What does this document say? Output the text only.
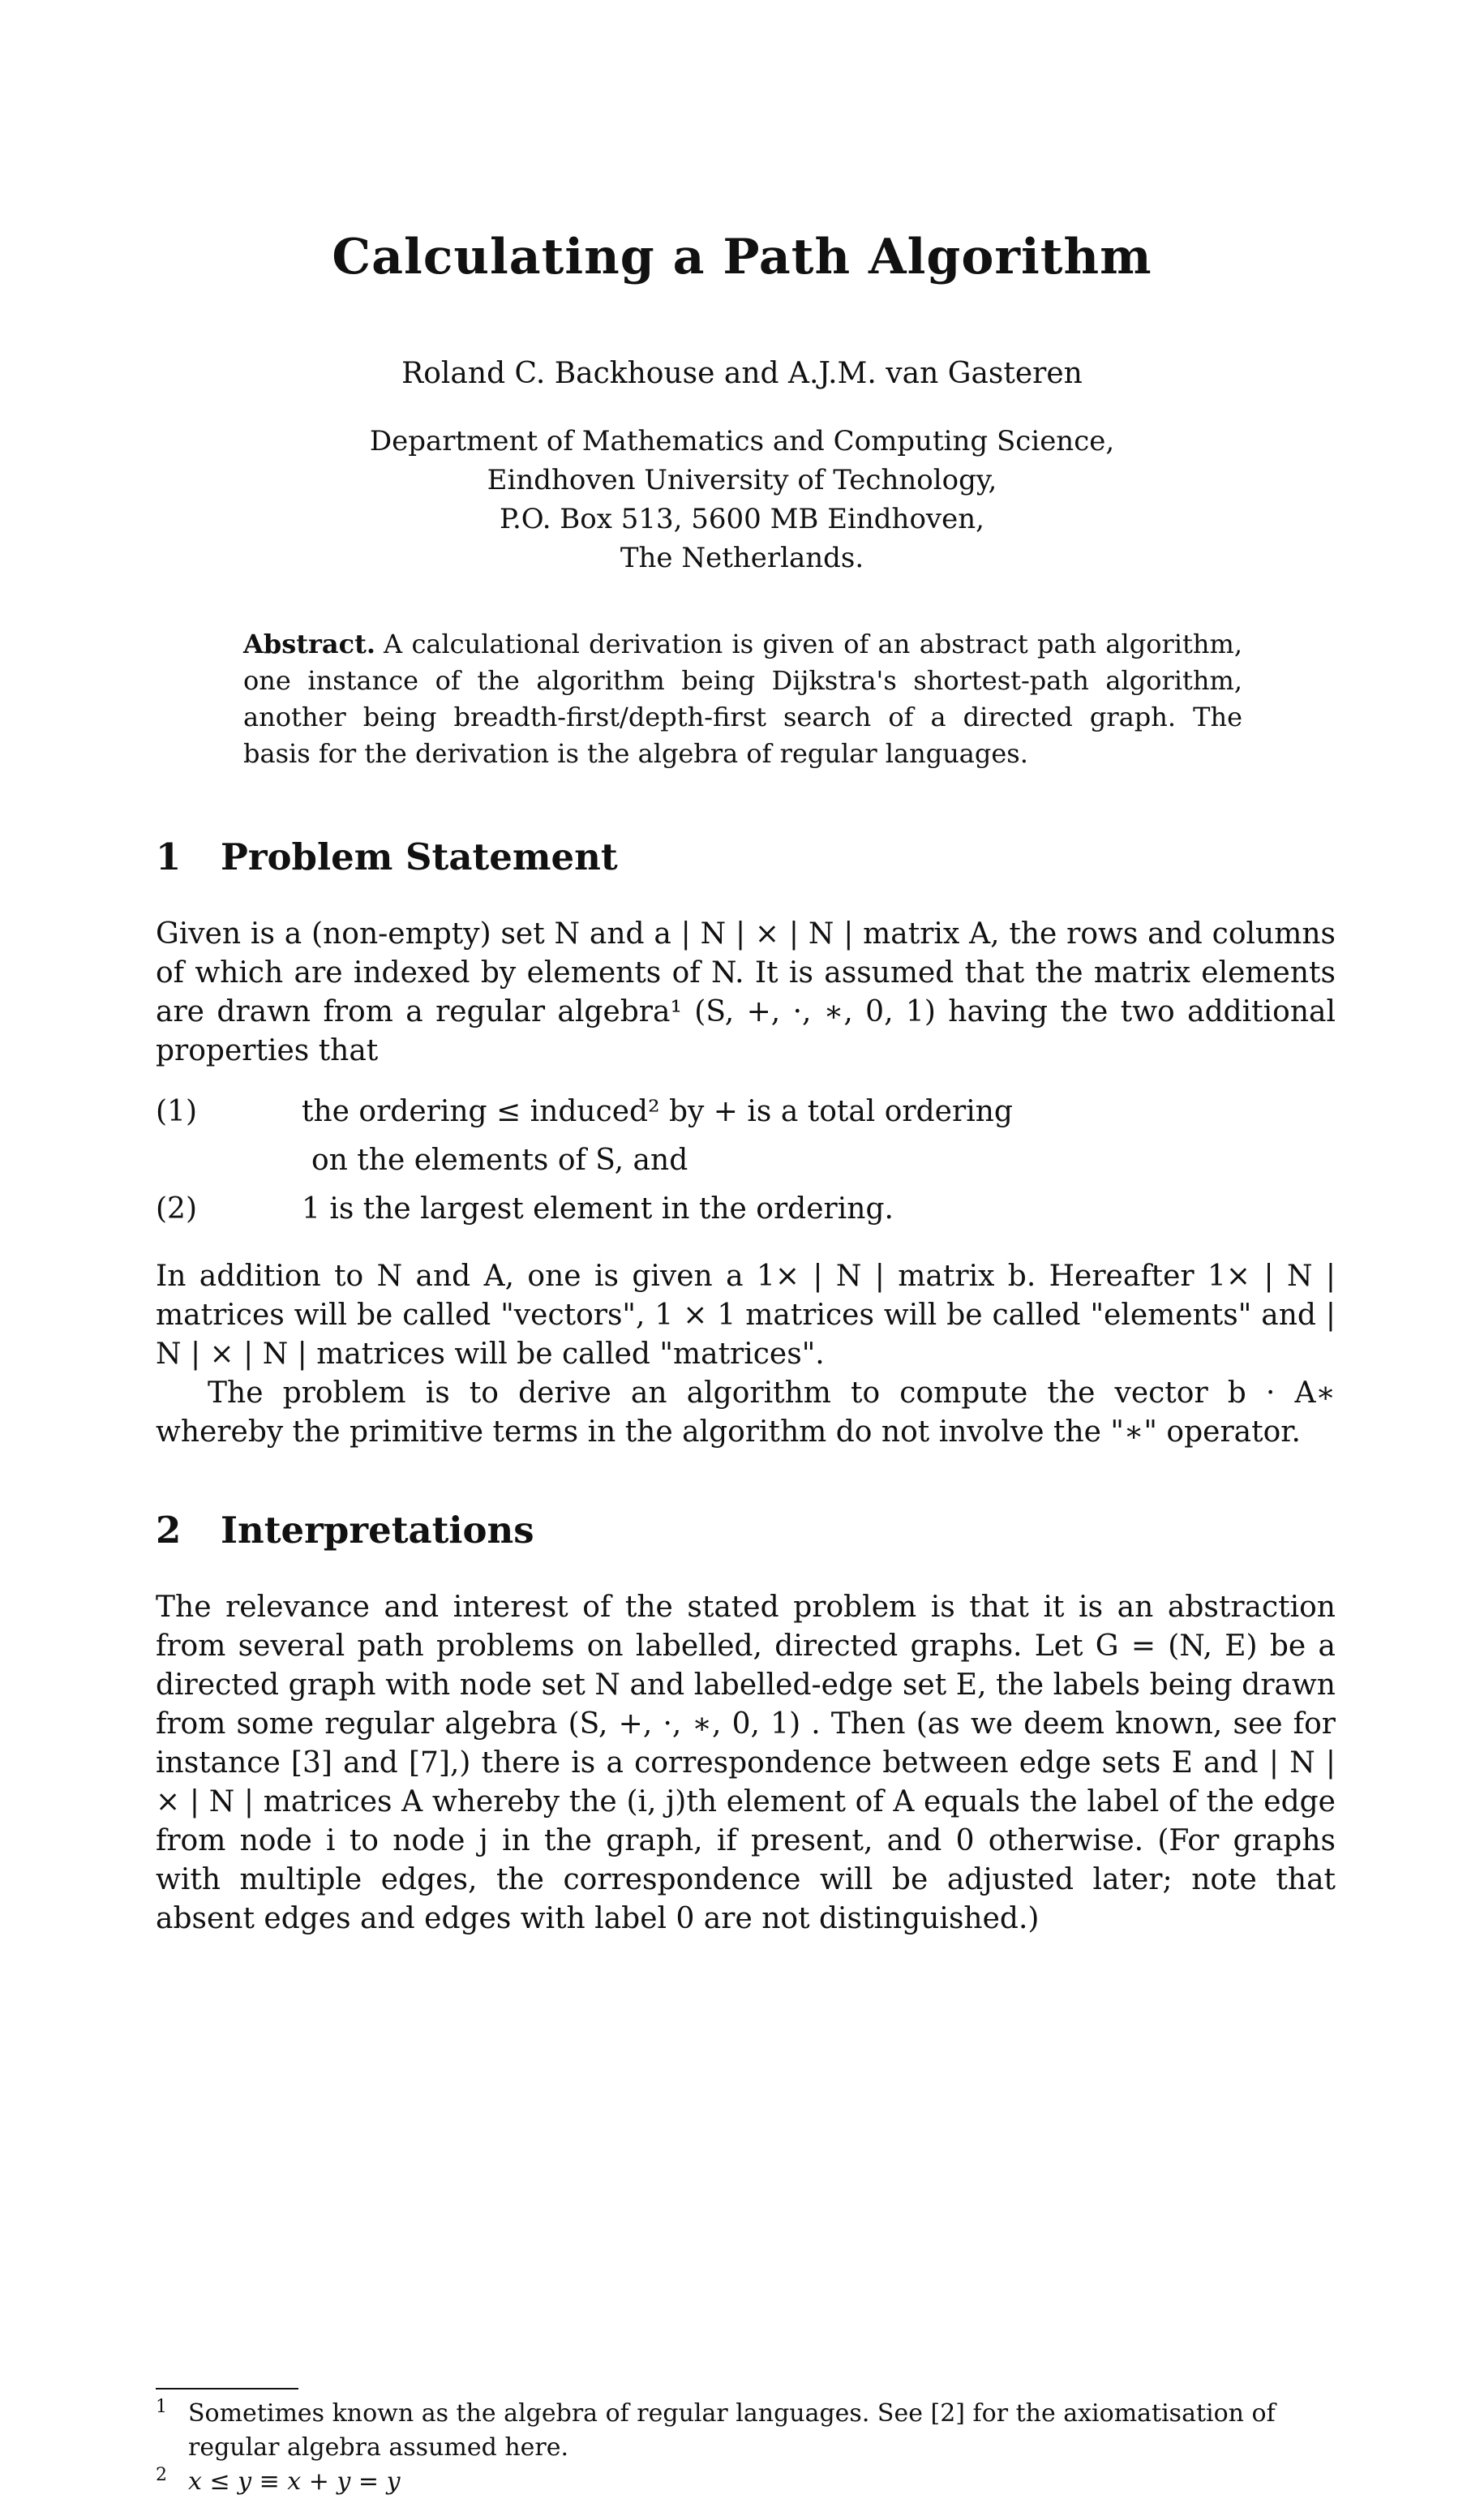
Calculating a Path Algorithm
Roland C. Backhouse and A.J.M. van Gasteren
Department of Mathematics and Computing Science,
Eindhoven University of Technology,
P.O. Box 513, 5600 MB Eindhoven,
The Netherlands.
Abstract. A calculational derivation is given of an abstract path algorithm, one instance of the algorithm being Dijkstra's shortest-path algorithm, another being breadth-first/depth-first search of a directed graph. The basis for the derivation is the algebra of regular languages.
1 Problem Statement
Given is a (non-empty) set N and a | N | × | N | matrix A, the rows and columns of which are indexed by elements of N. It is assumed that the matrix elements are drawn from a regular algebra¹ (S, +, ·, ∗, 0, 1) having the two additional properties that
(1)	the ordering ≤ induced² by + is a total ordering
on the elements of S, and
(2)	1 is the largest element in the ordering.

In addition to N and A, one is given a 1× | N | matrix b. Hereafter 1× | N | matrices will be called "vectors", 1 × 1 matrices will be called "elements" and | N | × | N | matrices will be called "matrices".

The problem is to derive an algorithm to compute the vector b · A∗ whereby the primitive terms in the algorithm do not involve the "∗" operator.

2 Interpretations
The relevance and interest of the stated problem is that it is an abstraction from several path problems on labelled, directed graphs. Let G = (N, E) be a directed graph with node set N and labelled-edge set E, the labels being drawn from some regular algebra (S, +, ·, ∗, 0, 1) . Then (as we deem known, see for instance [3] and [7],) there is a correspondence between edge sets E and | N | × | N | matrices A whereby the (i, j)th element of A equals the label of the edge from node i to node j in the graph, if present, and 0 otherwise. (For graphs with multiple edges, the correspondence will be adjusted later; note that absent edges and edges with label 0 are not distinguished.)
1 Sometimes known as the algebra of regular languages. See [2] for the axiomatisation of regular algebra assumed here.
2 x ≤ y ≡ x + y = y
